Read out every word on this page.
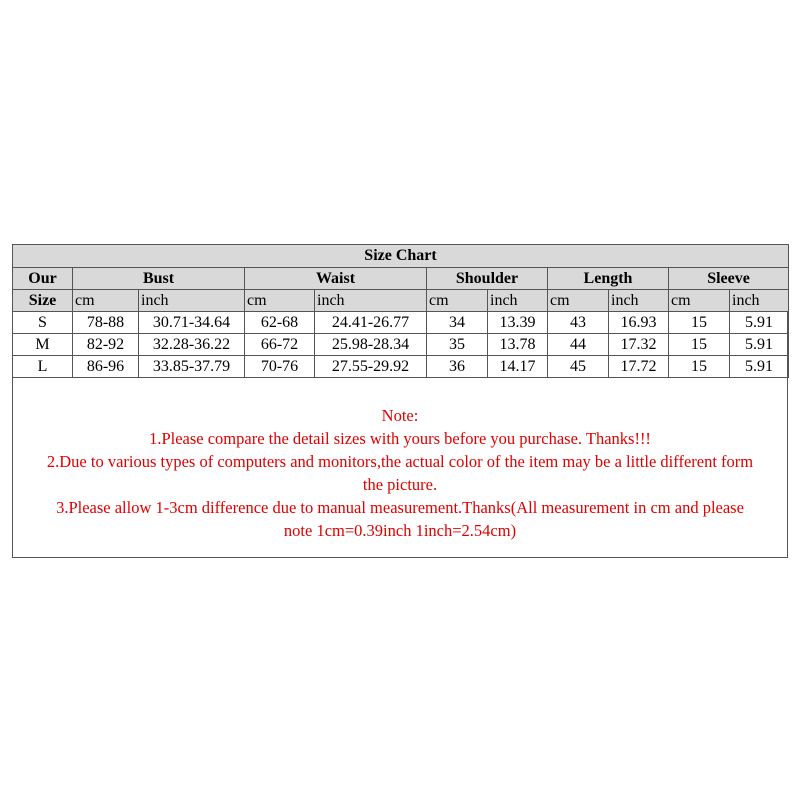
Size Chart										
Our	Bust		Waist		Shoulder		Length		Sleeve	
Size	cm	inch	cm	inch	cm	inch	cm	inch	cm	inch
S	78-88	30.71-34.64	62-68	24.41-26.77	34	13.39	43	16.93	15	5.91
M	82-92	32.28-36.22	66-72	25.98-28.34	35	13.78	44	17.32	15	5.91
L	86-96	33.85-37.79	70-76	27.55-29.92	36	14.17	45	17.72	15	5.91
Note:
1.Please compare the detail sizes with yours before you purchase. Thanks!!!
2.Due to various types of computers and monitors,the actual color of the item may be a little different form
the picture.
3.Please allow 1-3cm difference due to manual measurement.Thanks(All measurement in cm and please
note 1cm=0.39inch 1inch=2.54cm)
